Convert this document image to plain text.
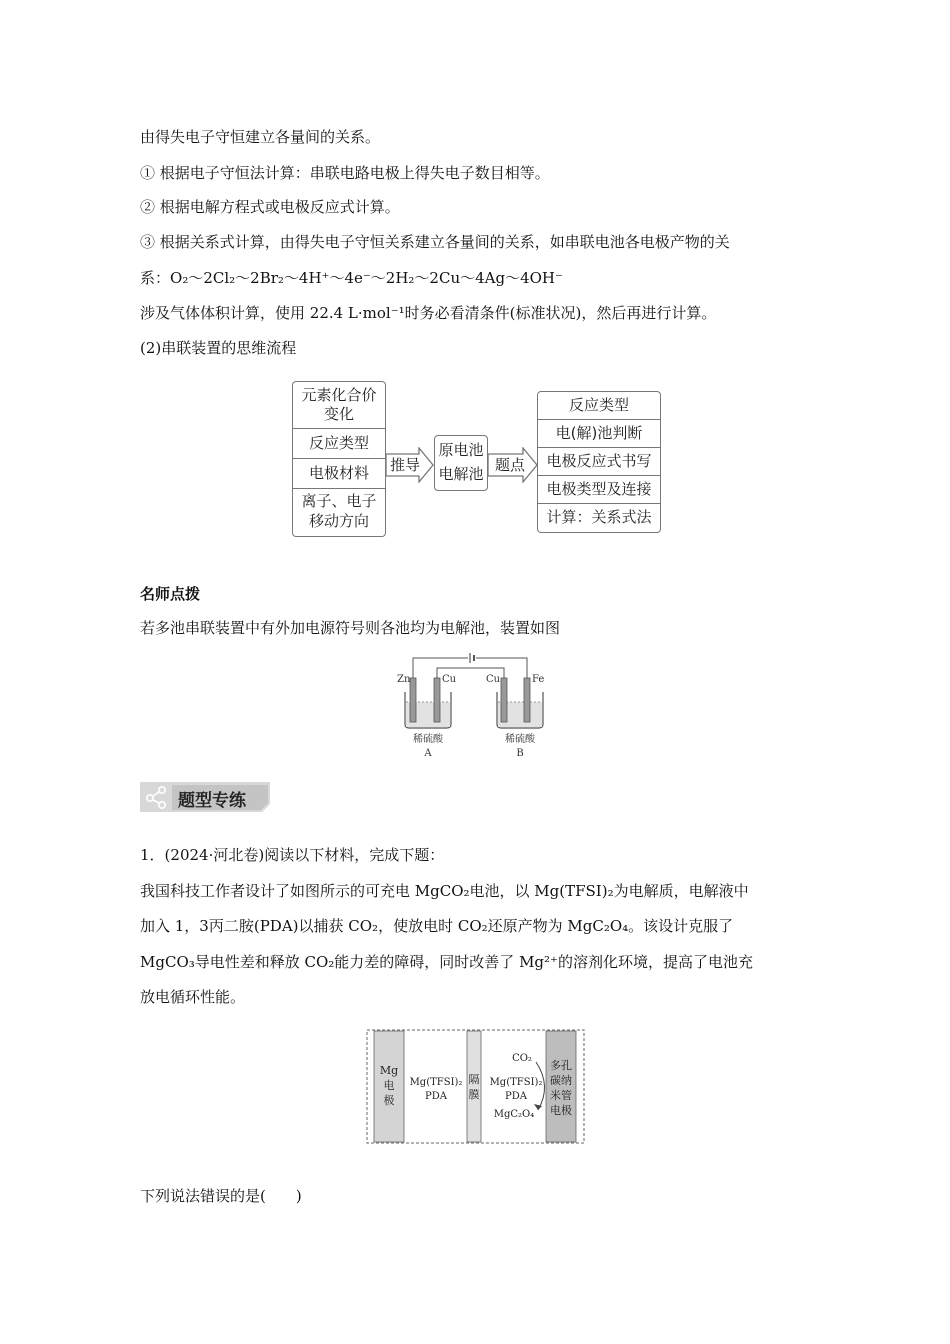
由得失电子守恒建立各量间的关系。
① 根据电子守恒法计算：串联电路电极上得失电子数目相等。
② 根据电解方程式或电极反应式计算。
③ 根据关系式计算，由得失电子守恒关系建立各量间的关系，如串联电池各电极产物的关
系：O₂～2Cl₂～2Br₂～4H⁺～4e⁻～2H₂～2Cu～4Ag～4OH⁻
涉及气体体积计算，使用 22.4 L·mol⁻¹时务必看清条件(标准状况)，然后再进行计算。
(2)串联装置的思维流程
元素化合价
变化
反应类型
电极材料
离子、电子
移动方向
推导
原电池
电解池 题点
反应类型
电(解)池判断
电极反应式书写
电极类型及连接
计算：关系式法
名师点拨
若多池串联装置中有外加电源符号则各池均为电解池，装置如图
Zn	Cu	Cu	Fe
稀硫酸	稀硫酸
A	B
题型专练
1．(2024·河北卷)阅读以下材料，完成下题：
我国科技工作者设计了如图所示的可充电 MgCO₂电池，以 Mg(TFSI)₂为电解质，电解液中
加入 1，3丙二胺(PDA)以捕获 CO₂，使放电时 CO₂还原产物为 MgC₂O₄。该设计克服了
MgCO₃导电性差和释放 CO₂能力差的障碍，同时改善了 Mg²⁺的溶剂化环境，提高了电池充
放电循环性能。
Mg
电
极
Mg(TFSI)₂
PDA
隔
膜
CO₂
Mg(TFSI)₂
PDA
MgC₂O₄
多孔
碳纳
米管
电极
下列说法错误的是(　　)
